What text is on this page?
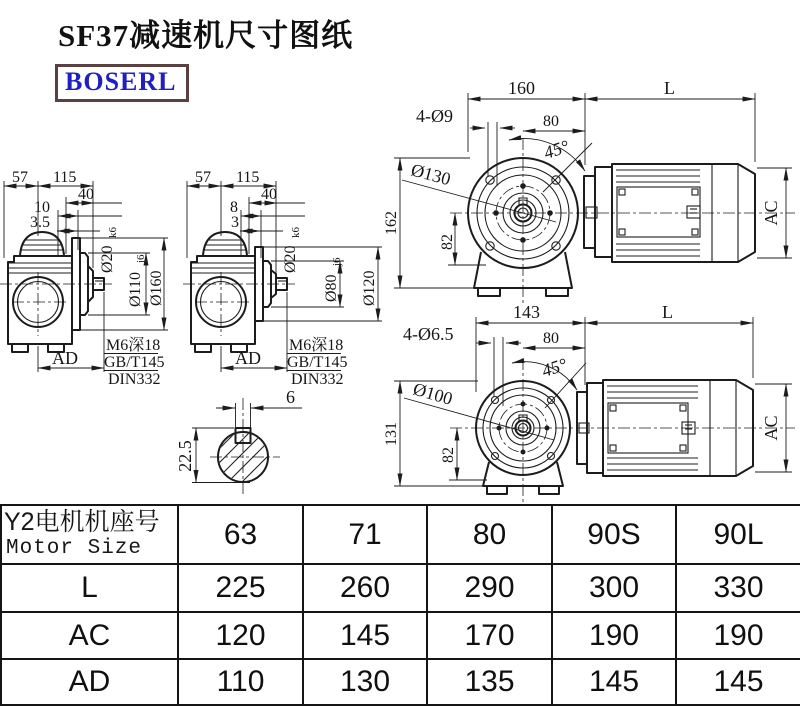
SF37减速机尺寸图纸
BOSERL
57 115
40
10
3.5
Ø20
k6
Ø110
j6
Ø160
AD
M6深18
GB/T145
DIN332
57 115
40
8
3
Ø20
k6
Ø80
j6
Ø120
AD
M6深18
GB/T145
DIN332
6
22.5
160	L
4-Ø9	80
45°
Ø130
162
82
AC
143	L
4-Ø6.5	80
45°
Ø100
131
82
AC
Y2电机机座号
Motor Size	63	71	80	90S	90L
L	225	260	290	300	330
AC	120	145	170	190	190
AD	110	130	135	145	145
